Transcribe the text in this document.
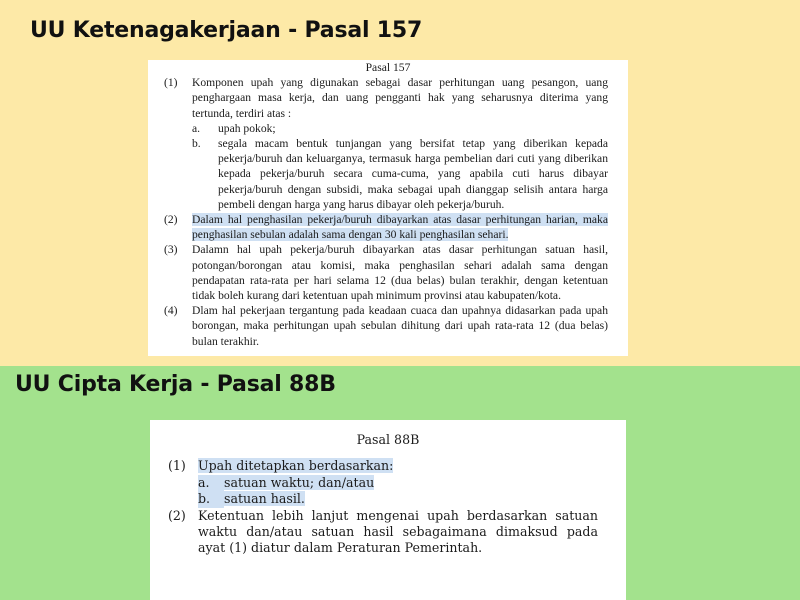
UU Ketenagakerjaan - Pasal 157
Pasal 157
(1)	Komponen upah yang digunakan sebagai dasar perhitungan uang pesangon, uang penghargaan masa kerja, dan uang pengganti hak yang seharusnya diterima yang tertunda, terdiri atas :
a.	upah pokok;
b.	segala macam bentuk tunjangan yang bersifat tetap yang diberikan kepada pekerja/buruh dan keluarganya, termasuk harga pembelian dari cuti yang diberikan kepada pekerja/buruh secara cuma-cuma, yang apabila cuti harus dibayar pekerja/buruh dengan subsidi, maka sebagai upah dianggap selisih antara harga pembeli dengan harga yang harus dibayar oleh pekerja/buruh.
(2)	Dalam hal penghasilan pekerja/buruh dibayarkan atas dasar perhitungan harian, maka penghasilan sebulan adalah sama dengan 30 kali penghasilan sehari.
(3)	Dalamn hal upah pekerja/buruh dibayarkan atas dasar perhitungan satuan hasil, potongan/borongan atau komisi, maka penghasilan sehari adalah sama dengan pendapatan rata-rata per hari selama 12 (dua belas) bulan terakhir, dengan ketentuan tidak boleh kurang dari ketentuan upah minimum provinsi atau kabupaten/kota.
(4)	Dlam hal pekerjaan tergantung pada keadaan cuaca dan upahnya didasarkan pada upah borongan, maka perhitungan upah sebulan dihitung dari upah rata-rata 12 (dua belas) bulan terakhir.
UU Cipta Kerja - Pasal 88B
Pasal 88B
(1) Upah ditetapkan berdasarkan:
a.	satuan waktu; dan/atau
b.	satuan hasil.
(2) Ketentuan lebih lanjut mengenai upah berdasarkan satuan waktu dan/atau satuan hasil sebagaimana dimaksud pada ayat (1) diatur dalam Peraturan Pemerintah.
